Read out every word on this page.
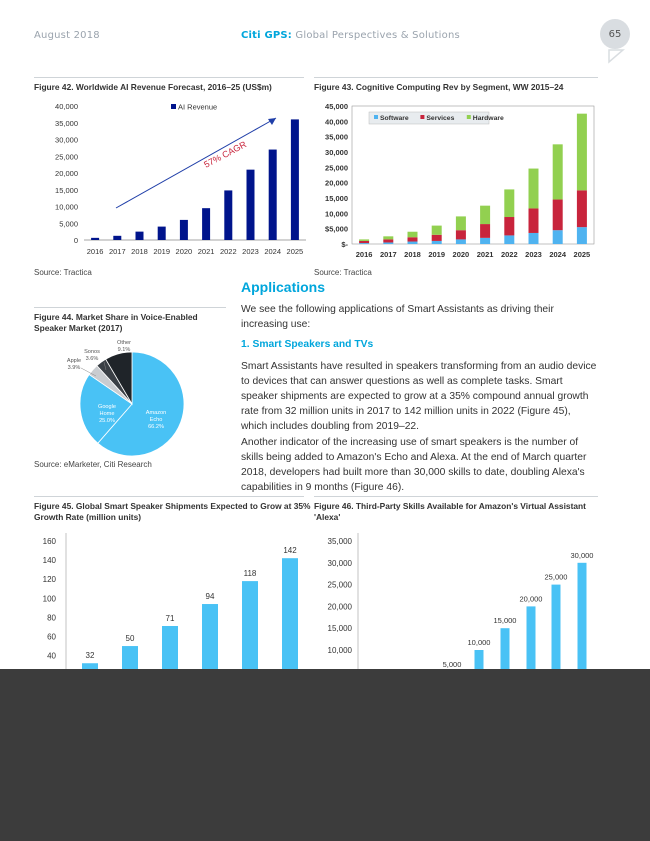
August 2018	Citi GPS: Global Perspectives & Solutions	65
Figure 42. Worldwide AI Revenue Forecast, 2016–25 (US$m)
0
5,000
10,000
15,000
20,000
25,000
30,000
35,000
40,000
2016 2017 2018 2019 2020 2021 2022 2023 2024 2025
AI Revenue
57% CAGR
Source: Tractica
Figure 43. Cognitive Computing Rev by Segment, WW 2015–24
$-
$5,000
10,000
15,000
20,000
25,000
30,000
35,000
40,000
45,000
2016 2017 2018 2019 2020 2021 2022 2023 2024 2025
Software	Services	Hardware
Source: Tractica
Applications
Figure 44. Market Share in Voice-Enabled Speaker Market (2017)
Amazon
Echo
66.2%
Google
Home
25.0%
Apple
3.9%
Sonos
3.6%
Other
9.1%
Source: eMarketer, Citi Research
We see the following applications of Smart Assistants as driving their increasing use:
1. Smart Speakers and TVs
Smart Assistants have resulted in speakers transforming from an audio device to devices that can answer questions as well as complete tasks. Smart speaker shipments are expected to grow at a 35% compound annual growth rate from 32 million units in 2017 to 142 million units in 2022 (Figure 45), which includes doubling from 2019–22.
Another indicator of the increasing use of smart speakers is the number of skills being added to Amazon's Echo and Alexa. At the end of March quarter 2018, developers had built more than 30,000 skills to date, doubling Alexa's capabilities in 9 months (Figure 46).
Figure 45. Global Smart Speaker Shipments Expected to Grow at 35% Growth Rate (million units)
40
60
80
100
120
140
160
32
50
71
94
118
142
Figure 46. Third-Party Skills Available for Amazon's Virtual Assistant 'Alexa'
10,000
15,000
20,000
25,000
30,000
35,000
5,000
10,000
15,000
20,000
25,000
30,000
